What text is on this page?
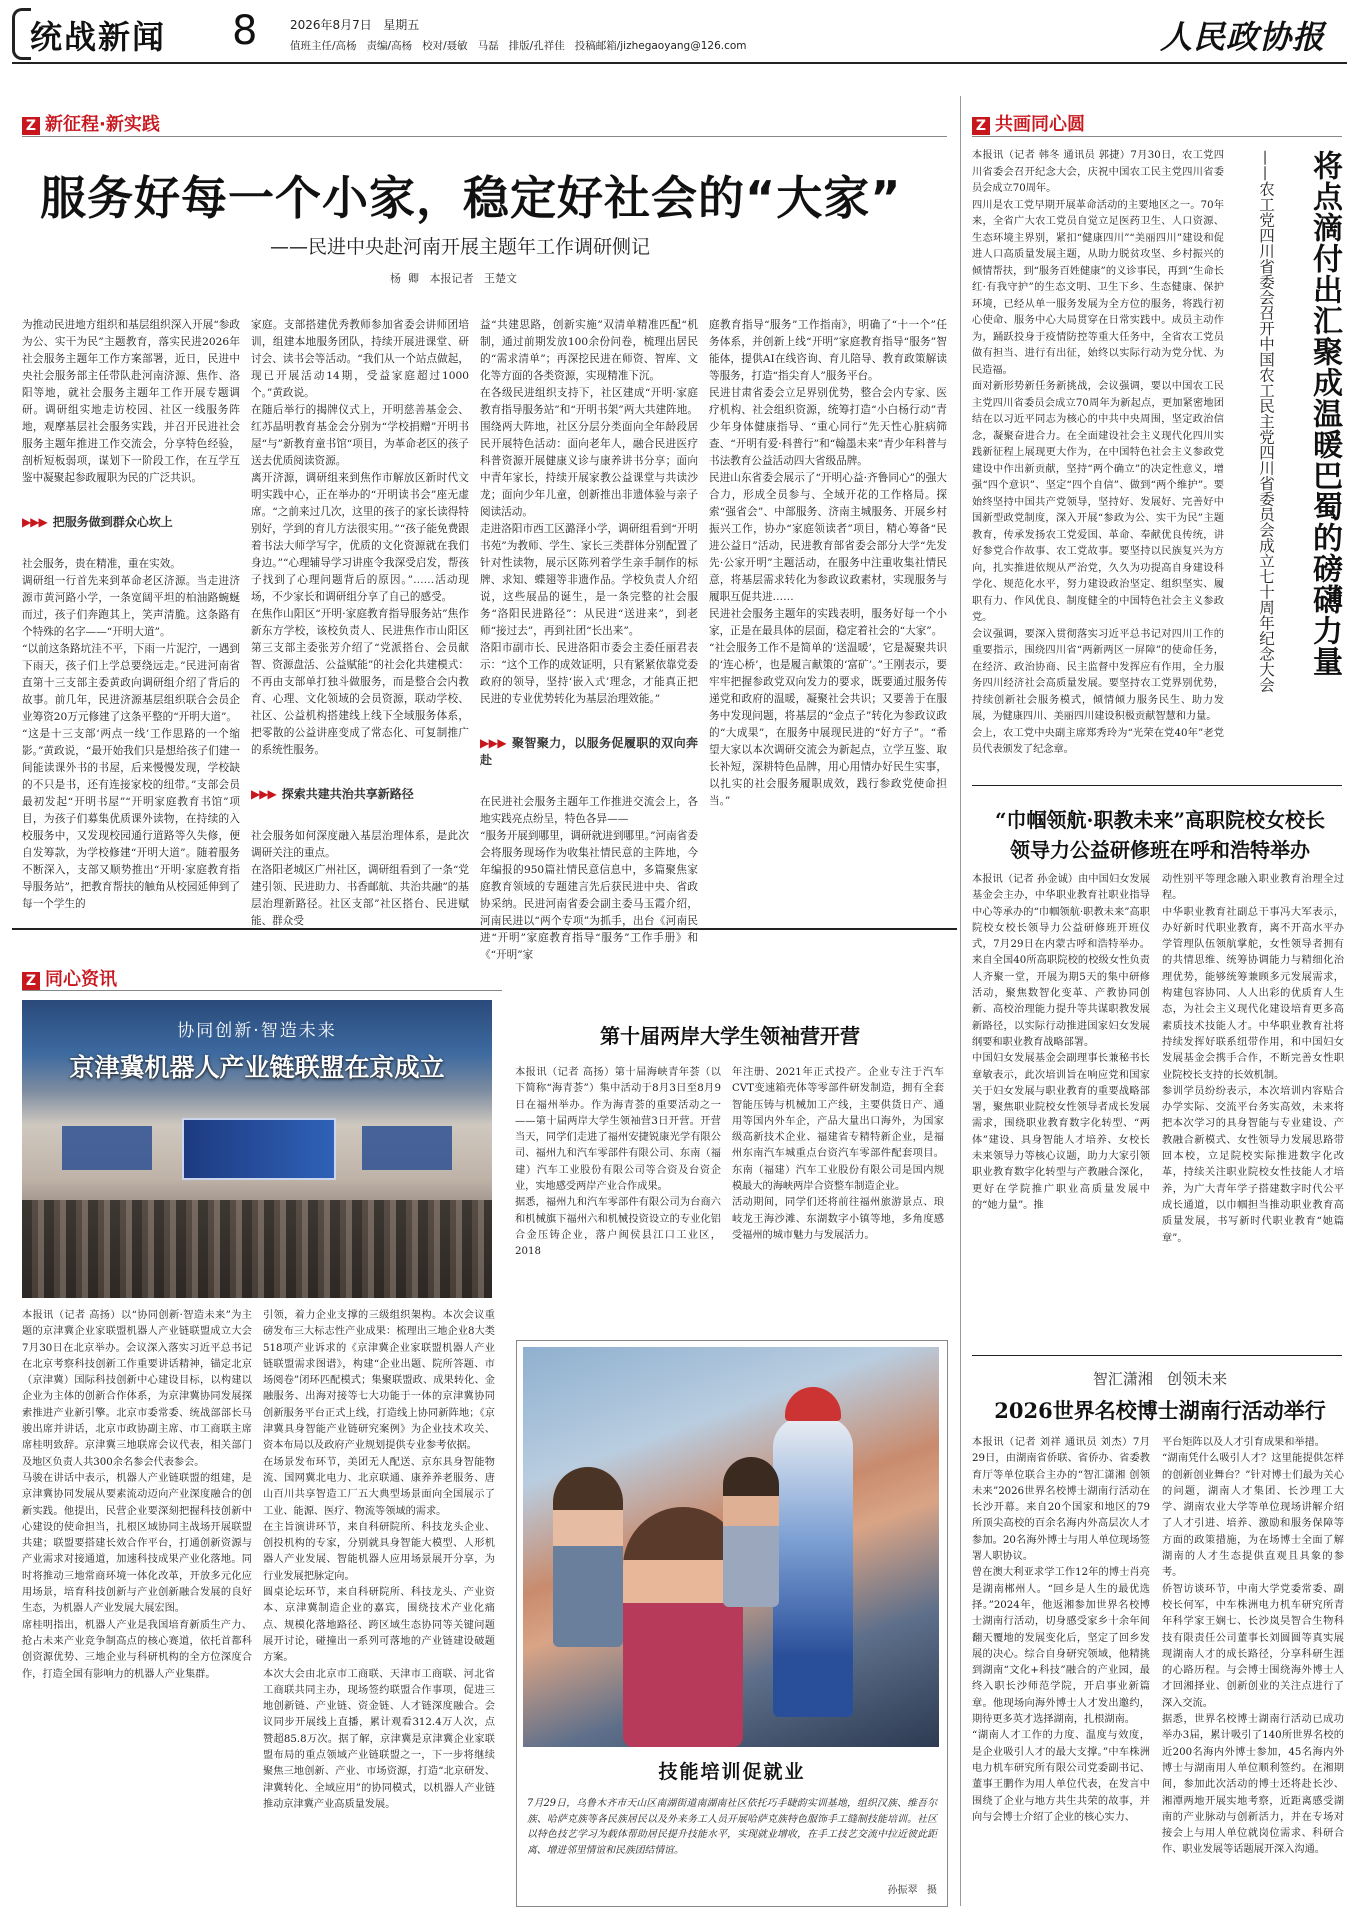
统战新闻 8	2026年8月7日   星期五
值班主任/高杨   责编/高杨   校对/聂敏   马磊   排版/孔祥佳   投稿邮箱/jizhegaoyang@126.com	人民政协报
Z 新征程·新实践
服务好每一个小家，稳定好社会的“大家”
——民进中央赴河南开展主题年工作调研侧记
杨  卿   本报记者   王楚文

为推动民进地方组织和基层组织深入开展“参政为公、实干为民”主题教育，落实民进2026年社会服务主题年工作方案部署，近日，民进中央社会服务部主任带队赴河南济源、焦作、洛阳等地，就社会服务主题年工作开展专题调研。调研组实地走访校园、社区一线服务阵地，观摩基层社会服务实践，并召开民进社会服务主题年推进工作交流会，分享特色经验，剖析短板弱项，谋划下一阶段工作，在互学互鉴中凝聚起参政履职为民的广泛共识。

▶▶▶ 把服务做到群众心坎上

社会服务，贵在精准，重在实效。
调研组一行首先来到革命老区济源。当走进济源市黄河路小学，一条宽阔平坦的柏油路蜿蜒而过，孩子们奔跑其上，笑声清脆。这条路有个特殊的名字——“开明大道”。
“以前这条路坑洼不平，下雨一片泥泞，一遇到下雨天，孩子们上学总要绕远走。”民进河南省直第十三支部主委黄政向调研组介绍了背后的故事。前几年，民进济源基层组织联合会员企业筹资20万元修建了这条平整的“开明大道”。
“这是十三支部‘两点一线’工作思路的一个缩影。”黄政说，“最开始我们只是想给孩子们建一间能读课外书的书屋，后来慢慢发现，学校缺的不只是书，还有连接家校的纽带。”支部会员最初发起“开明书屋”“开明家庭教育书馆”项目，为孩子们募集优质课外读物，在持续的入校服务中，又发现校园通行道路等久失修，便自发筹款，为学校修建“开明大道”。随着服务不断深入，支部又顺势推出“开明·家庭教育指导服务站”，把教育帮扶的触角从校园延伸到了每一个学生的

家庭。支部搭建优秀教师参加省委会讲师团培训，组建本地服务团队，持续开展进课堂、研讨会、读书会等活动。“我们从一个站点做起，现已开展活动14期，受益家庭超过1000个。”黄政说。
在随后举行的揭牌仪式上，开明慈善基金会、红苏晶明教育基金会分别为“学校捐赠”开明书屋“与”新教育童书馆“项目，为革命老区的孩子送去优质阅读资源。
离开济源，调研组来到焦作市解放区新时代文明实践中心，正在举办的“开明读书会”座无虚席。“之前来过几次，这里的孩子的家长读得特别好，学到的育儿方法很实用。”“孩子能免费跟着书法大师学写字，优质的文化资源就在我们身边。”“心理辅导学习讲座令我深受启发，帮孩子找到了心理问题背后的原因。”……活动现场，不少家长和调研组分享了自己的感受。
在焦作山阳区“开明·家庭教育指导服务站”焦作新东方学校，该校负责人、民进焦作市山阳区第三支部主委张芳介绍了“党派搭台、会员献智、资源盘活、公益赋能”的社会化共建模式：不再由支部单打独斗做服务，而是整合会内教育、心理、文化领域的会员资源，联动学校、社区、公益机构搭建线上线下全域服务体系，把零散的公益讲座变成了常态化、可复制推广的系统性服务。

▶▶▶ 探索共建共治共享新路径

社会服务如何深度融入基层治理体系，是此次调研关注的重点。
在洛阳老城区广州社区，调研组看到了一条“党建引领、民进助力、书香邮航、共治共融”的基层治理新路径。社区支部”社区搭台、民进赋能、群众受

益“共建思路，创新实施”双清单精准匹配“机制，通过前期发放100余份问卷，梳理出居民的“需求清单”；再深挖民进在师资、智库、文化等方面的各类资源，实现精准下沉。
在各级民进组织支持下，社区建成“开明·家庭教育指导服务站”和“开明书架”两大共建阵地。围绕两大阵地，社区分层分类面向全年龄段居民开展特色活动：面向老年人，融合民进医疗科普资源开展健康义诊与康养讲书分享；面向中青年家长，持续开展家教公益课堂与共读沙龙；面向少年儿童，创新推出非遗体验与亲子阅读活动。
走进洛阳市西工区潞泽小学，调研组看到“开明书苑”为教师、学生、家长三类群体分别配置了针对性读物，展示区陈列着学生亲手制作的标牌、求知、蝶翅等非遗作品。学校负责人介绍说，这些展品的诞生，是一条完整的社会服务“洛阳民进路径”：从民进“送进来”，到老师“接过去”，再到社团“长出来”。
洛阳市副市长、民进洛阳市委会主委任丽君表示：“这个工作的成效证明，只有紧紧依靠党委政府的领导，坚持‘嵌入式’理念，才能真正把民进的专业优势转化为基层治理效能。”

▶▶▶ 聚智聚力，以服务促履职的双向奔赴

在民进社会服务主题年工作推进交流会上，各地实践亮点纷呈，特色各异——
“服务开展到哪里，调研就进到哪里。”河南省委会将服务现场作为收集社情民意的主阵地，今年编报的950篇社情民意信息中，多篇聚焦家庭教育领域的专题建言先后获民进中央、省政协采纳。民进河南省委会副主委马玉霞介绍，河南民进以“两个专项”为抓手，出台《河南民进“开明”家庭教育指导“服务”工作手册》和《“开明”家

庭教育指导“服务”工作指南》，明确了“十一个”任务体系，并创新上线“开明”家庭教育指导“服务”智能体，提供AI在线咨询、育儿陪导、教育政策解读等服务，打造“指尖育人”服务平台。
民进甘肃省委会立足界别优势，整合会内专家、医疗机构、社会组织资源，统筹打造“小白杨行动”青少年身体健康指导、“重心同行”先天性心脏病筛查、“开明有爱·科普行”和“翰墨未来”青少年科普与书法教育公益活动四大省级品牌。
民进山东省委会展示了“开明心益·齐鲁同心”的强大合力，形成全员参与、全域开花的工作格局。探索“强省会”、中部服务、济南主城服务、开展乡村振兴工作，协办“家庭领读者”项目，精心筹备“民进公益日”活动，民进教育部省委会部分大学“先发先·公家开明”主题活动，在服务中注重收集社情民意，将基层需求转化为参政议政素材，实现服务与履职互促共进……
民进社会服务主题年的实践表明，服务好每一个小家，正是在最具体的层面，稳定着社会的“大家”。
“社会服务工作不是简单的‘送温暖’，它是凝聚共识的‘连心桥’，也是履言献策的‘富矿’。”王刚表示，要牢牢把握参政党双向发力的要求，既要通过服务传递党和政府的温暖，凝聚社会共识；又要善于在服务中发现问题，将基层的“金点子”转化为参政议政的“大成果”，在服务中展现民进的“好方子”。“希望大家以本次调研交流会为新起点，立学互鉴、取长补短，深耕特色品牌，用心用情办好民生实事，以扎实的社会服务履职成效，践行参政党使命担当。”

Z 共画同心圆
本报讯（记者 韩冬 通讯员 郭捷）7月30日，农工党四川省委会召开纪念大会，庆祝中国农工民主党四川省委员会成立70周年。
四川是农工党早期开展革命活动的主要地区之一。70年来，全省广大农工党员自觉立足医药卫生、人口资源、生态环境主界别，紧扣“健康四川”“美丽四川”建设和促进人口高质量发展主题，从助力脱贫攻坚、乡村振兴的倾情帮扶，到“服务百姓健康”的义诊事民，再到“生命长红·有我守护”的生态文明、卫生下乡、生态健康、保护环境，已经从单一服务发展为全方位的服务，将践行初心使命、服务中心大局贯穿在日常实践中。成员主动作为，踊跃投身于疫情防控等重大任务中，全省农工党员做有担当、进行有出征，始终以实际行动为党分忧、为民造福。
面对新形势新任务新挑战，会议强调，要以中国农工民主党四川省委员会成立70周年为新起点，更加紧密地团结在以习近平同志为核心的中共中央周围，坚定政治信念，凝聚奋进合力。在全面建设社会主义现代化四川实践新征程上展现更大作为，在中国特色社会主义参政党建设中作出新贡献，坚持“两个确立”的决定性意义，增强“四个意识”、坚定“四个自信”、做到“两个维护”。要始终坚持中国共产党领导，坚持好、发展好、完善好中国新型政党制度，深入开展“参政为公、实干为民”主题教育，传承发扬农工党爱国、革命、奉献优良传统，讲好参党合作故事、农工党故事。要坚持以民族复兴为方向，扎实推进依规从严治党，久久为功提高自身建设科学化、规范化水平，努力建设政治坚定、组织坚实、履职有力、作风优良、制度健全的中国特色社会主义参政党。
会议强调，要深入贯彻落实习近平总书记对四川工作的重要指示，围绕四川省“两新两区一屏障”的使命任务，在经济、政治协商、民主监督中发挥应有作用，全力服务四川经济社会高质量发展。要坚持农工党界别优势，持续创新社会服务模式，倾情倾力服务民生、助力发展，为健康四川、美丽四川建设积极贡献智慧和力量。
会上，农工党中央副主席郑秀玲为“光荣在党40年”老党员代表颁发了纪念章。
将点滴付出汇聚成温暖巴蜀的磅礴力量
——农工党四川省委会召开中国农工民主党四川省委员会成立七十周年纪念大会
“巾帼领航·职教未来”高职院校女校长领导力公益研修班在呼和浩特举办
本报讯（记者 孙金诚）由中国妇女发展基金会主办，中华职业教育社职业指导中心等承办的“巾帼领航·职教未来”高职院校女校长领导力公益研修班开班仪式，7月29日在内蒙古呼和浩特举办。来自全国40所高职院校的校级女性负责人齐聚一堂，开展为期5天的集中研修活动，聚焦数智化变革、产教协同创新、高校治理能力提升等共谋职教发展新路径，以实际行动推进国家妇女发展纲要和职业教育战略部署。
中国妇女发展基金会副理事长兼秘书长章敏表示，此次培训旨在响应党和国家关于妇女发展与职业教育的重要战略部署，聚焦职业院校女性领导者成长发展需求，围绕职业教育数字化转型、“两体”建设、具身智能人才培养、女校长未来领导力等核心议题，助力大家引领职业教育数字化转型与产教融合深化，更好在学院推广职业高质量发展中的“她力量”。推
动性别平等理念融入职业教育治理全过程。
中华职业教育社副总干事冯大军表示，办好新时代职业教育，离不开高水平办学管理队伍领航掌舵，女性领导者拥有的共情思维、统筹协调能力与精细化治理优势，能够统筹兼顾多元发展需求，构建包容协同、人人出彩的优质育人生态，为社会主义现代化建设培育更多高素质技术技能人才。中华职业教育社将持续发挥好联系纽带作用，和中国妇女发展基金会携手合作，不断完善女性职业院校长支持的长效机制。
参训学员纷纷表示，本次培训内容贴合办学实际、交流平台务实高效，未来将把本次学习的具身智能与专业建设、产教融合新模式、女性领导力发展思路带回本校，立足院校实际推进数字化改革，持续关注职业院校女性技能人才培养，为广大青年学子搭建数字时代公平成长通道，以巾帼担当推动职业教育高质量发展，书写新时代职业教育“她篇章”。
智汇潇湘   创领未来
2026世界名校博士湖南行活动举行
本报讯（记者 刘祥 通讯员 刘杰）7月29日，由湖南省侨联、省侨办、省委教育厅等单位联合主办的“智汇潇湘 创领未来”2026世界名校博士湖南行活动在长沙开幕。来自20个国家和地区的79所顶尖高校的百余名海内外高层次人才参加。20名海外博士与用人单位现场签署人职协议。
曾在澳大利亚求学工作12年的博士肖亮是湖南郴州人。“回乡是人生的最优选择。”2024年，他返湘参加世界名校博士湖南行活动，切身感受家乡十余年间翻天覆地的发展变化后，坚定了回乡发展的决心。综合自身研究领域，他精挑到湖南“文化+科技”融合的产业园，最终入职长沙师范学院，开启事业新篇章。他现场向海外博士人才发出邀约，期待更多英才选择湖南，扎根湖南。
“湖南人才工作的力度、温度与效度，是企业吸引人才的最大支撑。”中车株洲电力机车研究所有限公司党委副书记、董事王鹏作为用人单位代表，在发言中围绕了企业与地方共生共荣的故事，并向与会博士介绍了企业的核心实力、
平台矩阵以及人才引育成果和举措。
“湖南凭什么吸引人才？这里能提供怎样的创新创业舞台？”针对博士们最为关心的问题，湖南人才集团、长沙理工大学、湖南农业大学等单位现场讲解介绍了人才引进、培养、激励和服务保障等方面的政策措施，为在场博士全面了解湖南的人才生态提供直观且具象的参考。
侨智访谈环节，中南大学党委常委、副校长何军，中车株洲电力机车研究所青年科学家王娴七、长沙岚昊智合生物科技有限责任公司董事长刘圆圆等真实展现湖南人才的成长路径，分享科研生涯的心路历程。与会博士围绕海外博士人才回湘择业、创新创业的关注点进行了深入交流。
据悉，世界名校博士湖南行活动已成功举办3届，累计吸引了140所世界名校的近200名海内外博士参加，45名海内外博士与湖南用人单位顺利签约。在湘期间，参加此次活动的博士还将赴长沙、湘潭两地开展实地考察，近距离感受湖南的产业脉动与创新活力，并在专场对接会上与用人单位就岗位需求、科研合作、职业发展等话题展开深入沟通。
Z 同心资讯
协同创新·智造未来
京津冀机器人产业链联盟在京成立
本报讯（记者 高扬）以“协同创新·智造未来”为主题的京津冀企业家联盟机器人产业链联盟成立大会7月30日在北京举办。会议深入落实习近平总书记在北京考察科技创新工作重要讲话精神，锚定北京（京津冀）国际科技创新中心建设目标，以构建以企业为主体的创新合作体系，为京津冀协同发展探索推进产业新引擎。北京市委常委、统战部部长马骏出席并讲话，北京市政协副主席、市工商联主席席桂明致辞。京津冀三地联席会议代表，相关部门及地区负责人共300余名参会代表参会。
马骏在讲话中表示，机器人产业链联盟的组建，是京津冀协同发展从要素流动迈向产业深度融合的创新实践。他提出，民营企业要深刻把握科技创新中心建设的使命担当，扎根区域协同主战场开展联盟共建；联盟要搭建长效合作平台，打通创新资源与产业需求对接通道，加速科技成果产业化落地。同时将推动三地常商环境一体化改革，开放多元化应用场景，培育科技创新与产业创新融合发展的良好生态，为机器人产业发展大展宏图。
席桂明指出，机器人产业是我国培育新质生产力、抢占未来产业竞争制高点的核心赛道，依托首都科创资源优势、三地企业与科研机构的全方位深度合作，打造全国有影响力的机器人产业集群。
引领，着力企业支撑的三级组织架构。本次会议重磅发布三大标志性产业成果：梳理出三地企业8大类518项产业诉求的《京津冀企业家联盟机器人产业链联盟需求图谱》，构建“企业出题、院所答题、市场阅卷”闭环匹配模式；集聚联盟政、成果转化、金融服务、出海对接等七大功能于一体的京津冀协同创新服务平台正式上线，打造线上协同新阵地；《京津冀具身智能产业链研究案例》为企业技术攻关、资本布局以及政府产业规划提供专业参考依据。
在场景发布环节，美团无人配送、京东具身智能物流、国网冀北电力、北京联通、康养养老服务、唐山百川共享智造工厂五大典型场景面向全国展示了工业、能源、医疗、物流等领域的需求。
在主旨演讲环节，来自科研院所、科技龙头企业、创投机构的专家，分别就具身智能大模型、人形机器人产业发展、智能机器人应用场景展开分享，为行业发展把脉定向。
圆桌论坛环节，来自科研院所、科技龙头、产业资本、京津冀制造企业的嘉宾，围绕技术产业化痛点、规模化落地路径、跨区域生态协同等关键问题展开讨论，碰撞出一系列可落地的产业链建设破题方案。
本次大会由北京市工商联、天津市工商联、河北省工商联共同主办，现场签约联盟合作事项，促进三地创新链、产业链、资金链、人才链深度融合。会议同步开展线上直播，累计观看312.4万人次，点赞超85.8万次。据了解，京津冀是京津冀企业家联盟布局的重点领域产业链联盟之一，下一步将继续聚焦三地创新、产业、市场资源，打造“北京研发、津冀转化、全域应用”的协同模式，以机器人产业链推动京津冀产业高质量发展。
第十届两岸大学生领袖营开营
本报讯（记者 高扬）第十届海峡青年荟（以下简称“海青荟”）集中活动于8月3日至8月9日在福州举办。作为海青荟的重要活动之一——第十届两岸大学生领袖营3日开营。开营当天，同学们走进了福州安捷锐康光学有限公司、福州九和汽车零部件有限公司、东南（福建）汽车工业股份有限公司等合资及台资企业，实地感受两岸产业合作成果。
据悉，福州九和汽车零部件有限公司为台商六和机械旗下福州六和机械投资设立的专业化铝合金压铸企业，落户闽侯县江口工业区，2018
年注册、2021年正式投产。企业专注于汽车CVT变速箱壳体等零部件研发制造，拥有全套智能压铸与机械加工产线，主要供货日产、通用等国内外车企，产品大量出口海外，为国家级高新技术企业、福建省专精特新企业，是福州东南汽车城重点台资汽车零部件配套项目。东南（福建）汽车工业股份有限公司是国内规模最大的海峡两岸合资整车制造企业。
活动期间，同学们还将前往福州旅游景点、琅岐龙王海沙滩、东湖数字小镇等地，多角度感受福州的城市魅力与发展活力。
技能培训促就业
7月29日，乌鲁木齐市天山区南湖街道南湖南社区依托巧手睫韵实训基地，组织汉族、维吾尔族、哈萨克族等各民族居民以及外来务工人员开展哈萨克族特色服饰手工缝制技能培训。社区以特色技艺学习为载体帮助居民提升技能水平，实现就业增收，在手工技艺交流中拉近彼此距离、增进邻里情谊和民族团结情谊。
孙振翠   摄
